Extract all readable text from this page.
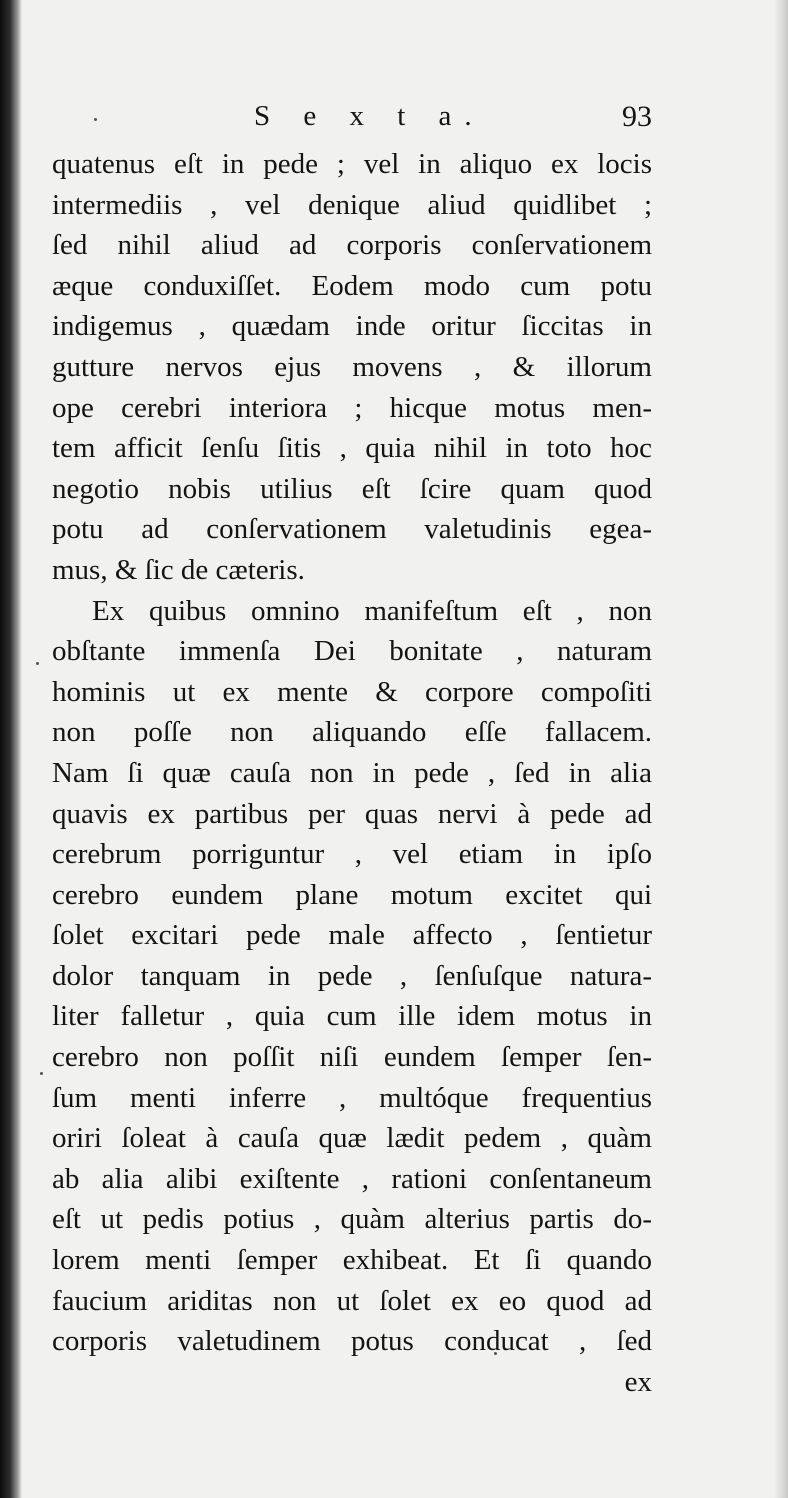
S e x t a.	93

quatenus eſt in pede ; vel in aliquo ex locis
intermediis , vel denique aliud quidlibet ;
ſed nihil aliud ad corporis conſervationem
æque conduxiſſet. Eodem modo cum potu
indigemus , quædam inde oritur ſiccitas in
gutture nervos ejus movens , & illorum
ope cerebri interiora ; hicque motus men-
tem afficit ſenſu ſitis , quia nihil in toto hoc
negotio nobis utilius eſt ſcire quam quod
potu ad conſervationem valetudinis egea-
mus, & ſic de cæteris.

Ex quibus omnino manifeſtum eſt , non
obſtante immenſa Dei bonitate , naturam
hominis ut ex mente & corpore compoſiti
non poſſe non aliquando eſſe fallacem.
Nam ſi quæ cauſa non in pede , ſed in alia
quavis ex partibus per quas nervi à pede ad
cerebrum porriguntur , vel etiam in ipſo
cerebro eundem plane motum excitet qui
ſolet excitari pede male affecto , ſentietur
dolor tanquam in pede , ſenſuſque natura-
liter falletur , quia cum ille idem motus in
cerebro non poſſit niſi eundem ſemper ſen-
ſum menti inferre , multóque frequentius
oriri ſoleat à cauſa quæ lædit pedem , quàm
ab alia alibi exiſtente , rationi conſentaneum
eſt ut pedis potius , quàm alterius partis do-
lorem menti ſemper exhibeat. Et ſi quando
faucium ariditas non ut ſolet ex eo quod ad
corporis valetudinem potus conducat , ſed

ex
